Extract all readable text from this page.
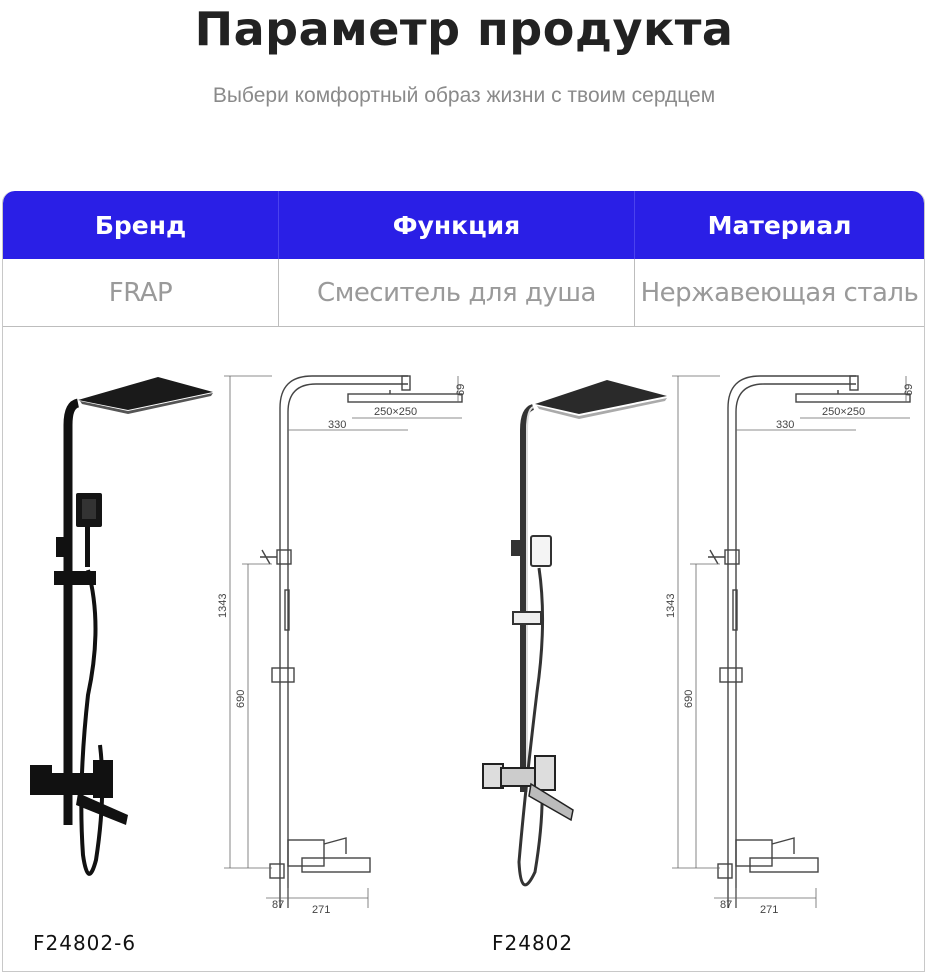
Параметр продукта
Выбери комфортный образ жизни с твоим сердцем
Бренд	Функция	Материал
FRAP	Смеситель для душа	Нержавеющая сталь
1343
690
330
250×250
69
87	271
1343
690
330
250×250
69
87	271
F24802-6	F24802
